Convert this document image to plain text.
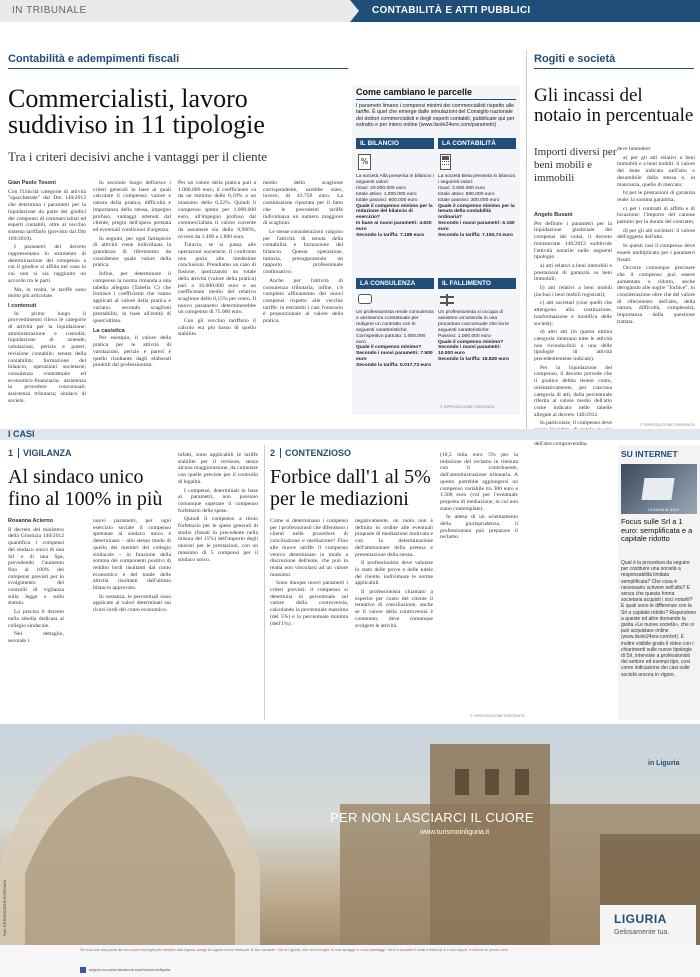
IN TRIBUNALE	CONTABILITÀ E ATTI PUBBLICI
Contabilità e adempimenti fiscali
Commercialisti, lavoro suddiviso in 11 tipologie
Tra i criteri decisivi anche i vantaggi per il cliente
Gian Paolo Tosoni

Con l'Unicità categorie di attività "spacchettate" dal Dm 140/2012 che determina i parametri per la liquidazione da parte dei giudici dei compensi di commercialisti ed esperti contabili, oltre al vecchio sistema tariffario (previsto dal Dm 169/2010).

I parametri del decreto rappresentano lo strumento di determinazione del compenso a cui il giudice si affida nel caso in cui non si sia raggiunto un accordo tra le parti

Ma, in realtà, le tariffe sono molto più articolate.

I contenuti

In primo luogo il provvedimento rileva le categorie di attività per la liquidazione: amministrazione e custodia; liquidazione di aziende; valutazioni, perizie e pareri; revisione contabile; tenuta della contabilità; formazione del bilancio, operazioni societarie; consulenza contrattuale ed economico-finanziaria; assistenza in procedure concorsuali; assistenza tributaria; sindaco di società.

In secondo luogo definisce i criteri generali in base ai quali calcolare il compenso: valore e natura della pratica, difficoltà e importanza della stessa, impegno profuso, vantaggi ottenuti dal cliente, pregio dell'opera prestata ed eventuali condizioni d'urgenza.

In seguito, per ogni fattispecie di attività viene individuata la grandezza di riferimento da considerare quale valore della pratica.

Infine, per determinare il compenso la norma rimanda a una tabella allegata (Tabella C) che fornisce i coefficienti che vanno applicati al valore della pratica e variano, secondo scaglioni prestabiliti, in base all'entità di quest'ultimo.

La casistica

Per esempio, il valore della pratica per le attività di valutazioni, perizie e pareri è quello risultante dagli elaborati prodotti dal professionista.

Per un valore della pratica pari a 1.000.000 euro, il coefficiente va da un minimo dello 0,18% a un massimo dello 0,22%. Quindi il compenso spetta per 1.000.000 euro, all'impegno profuso dal commercialista il valore corrente da assumere sia dello 0,900%, ovvero da 1.400 a 1.800 euro.

Tutavia, se si passa alle operazioni societarie, il confronto non porta alle medesime conclusioni. Prendiamo un caso di fusione, ipotizzando un totale della attività (valore della pratica) pari a 10.000.000 euro e un coefficiente medio del relativo scaglione dello 0,15% per cento. Il nuovo parametro determinerebbe un compenso di 75.000 euro.

Con gli vecchio tariffario il calcolo era più basso di quello stabilito.

medio dello scaglione corrispondente, sarebbe stato, invece, di 43.750 euro. La commissione riportata per il fatto che le precedenti tariffe individuava un numero maggiore di scaglioni.

Le stesse considerazioni valgono per l'attività di tenuta della contabilità e formazione del bilancio. Questa operazione, tuttavia, presupponendo un rapporto professionale continuativo.

Anche per l'attività di consulenza tributaria, infine, c'è completo affinamento dei nuovi compensi rispetto alle vecchie tariffe: in entrambi i casi l'onorario è proporzionale al valore della pratica.

Come cambiano le parcelle
I parametri limano i compensi minimi dei commercialisti rispetto alle tariffe. È quel che emerge dalle simulazioni del Consiglio nazionale dei dottori commercialisti e degli esperti contabili, pubblicate qui per estratto e per intero online (www.ilsole24ore.com/parametri)
IL BILANCIO
%
La società Alfa presenta in bilancio i seguenti valori:
ricavi: 20.000.000 euro
totale attivo: 1.000.000 euro
totale passivo: 600.000 euro
Quale il compenso minimo per la redazione del bilancio di esercizio?
In base ai nuovi parametri: 4.620 euro
Secondo la tariffa: 7.188 euro
LA CONTABILITÀ
La società Beta presenta in bilancio i seguenti valori:
ricavi: 2.000.000 euro
totale attivo: 500.000 euro
totale passivo: 300.000 euro
Quale il compenso minimo per la tenuta della contabilità ordinaria?
Secondo i nuovi parametri: 6.160 euro
Secondo la tariffa: 7.193,74 euro
LA CONSULENZA
Un professionista rende consulenza e assistenza contrattuale per redigere un contratto con le seguenti caratteristiche:
Corrispettivo pattuito: 1.000.000 euro
Quale il compenso minimo?
Secondo i nuovi parametri: 7.500 euro
Secondo la tariffa: 5.017,73 euro
IL FALLIMENTO
Un professionista si occupa di assistere un'azienda in una procedura concorsuale che ha le seguenti caratteristiche:
Passivo: 1.000.000 euro
Quale il compenso minimo?
Secondo i nuovi parametri: 10.000 euro
Secondo la tariffa: 18.828 euro
© RIPRODUZIONE RISERVATA
Rogiti e società
Gli incassi del notaio in percentuale
Importi diversi per beni mobili e immobili
Angelo Busani

Per definire i parametri per la liquidazione giudiziale dei compensi dei notai, il decreto ministeriale 140/2012 suddivide l'attività notarile nelle seguenti tipologie:

a) atti relativi a beni immobili e prestazioni di garanzia su beni immobili;

b) atti relativi a beni mobili (inclusi i beni mobili registrati);

c) atti societari (cioè quelli che attengono alla costituzione, trasformazione e modifica delle società);

d) altri atti (in questa ultima categoria rientrano tutte le attività non riconducibili a una delle tipologie di attività precedentemente indicate).

Per la liquidazione del compenso, il decreto prevede che il giudice debba tenere conto, orientativamente, per ciascuna categoria di atti, della percentuale riferita al valore medio dell'atto come indicato nelle tabelle allegate al decreto 140/2012.

In particolare, il compenso deve dell'atto compravendita.

deve intendere:

a) per gli atti relativi a beni immobili e a beni mobili: il valore del bene indicato nell'atto o desumibile dalla stessa e, in mancanza, quello di mercato;

b) per le prestazioni di garanzia reale: la somma garantita;

c) per i contratti di affitto e di locazione: l'importo del canone pattuito per la durata del contratto;

d) per gli atti societari: il valore dell'oggetto dell'atto.

In questi casi il compenso deve essere moltiplicato per i parametri fissati.

Occorre comunque precisare che il compenso può essere aumentato o ridotto, anche derogando alle soglie "forbice", in considerazione oltre che del valore di riferimento dell'atto, della natura, difficoltà, complessità, importanza della questione trattata.

© RIPRODUZIONE RISERVATA
I CASI
1	VIGILANZA
Al sindaco unico fino al 100% in più
Rosanna Acierno

Il decreto del ministero della Giustizia 140/2012 quantifica i compensi del sindaco unico di una Srl o di una Spa, prevedendo l'aumento fino al 100% dei compensi previsti per lo svolgimento dei controlli di vigilanza sulla legge e sullo statuto.

Lo precisa il decreto nella tabella dedicata al collegio sindacale.

Nel dettaglio, secondo i

nuovi parametri, per ogni esercizio sociale il compenso spettante al sindaco unico è determinato – allo stesso modo di quello dei membri del collegio sindacale – in funzione della somma dei componenti positivi di reddito lordi risultanti dal conto economico e del totale delle attività risultanti dall'ultimo bilancio approvato.

In sostanza, le percentuali sono applicate ai valori determinati sui ricavi lordi del conto economico.

infatti, sono applicabili le tariffe stabilite per il revisore, senza alcuna maggiorazione, da cumulare con quelle previste per il controllo di legalità.

I compensi, determinati in base ai parametri, non possono comunque superare il compenso forfettario delle spese.

Quindi il compenso a titolo forfettario per le spese generali di studio (fissati in precedente nella misura del 15%) dell'importo degli onorari per le prestazioni, con un massimo di 5 compensi per il sindaco unico.

2	CONTENZIOSO
Forbice dall'1 al 5% per le mediazioni

Come si determinano i compensi per i professionisti che difendono i clienti nelle procedure di conciliazione e mediazione? Fino alle nuove tariffe il compenso veniva determinato in modo a discrezione dell'ente, che può in realtà non vincolarsi ad un valore massimo.

Sono dunque nuovi parametri i criteri previsti: il compenso si determina in percentuale sul valore della controversia, calcolando la percentuale massima (del 5%) e la percentuale minima (dell'1%).

negativamente, un ruolo non è definito in ordine alle eventuali proposte di mediazione motivata e con la determinazione dell'ammontare della pretesa e presentazione della stessa.

Il professionista deve valutare lo stato delle prove e delle tutele del cliente, individuare le norme applicabili.

Il professionista chiamato a esperire per conto del cliente il tentativo di conciliazione, anche se il valore della controversia è contenuto, deve comunque svolgere le attività.

(10,5 mila euro 5% per la redazione del reclamo in ritenuta con il contribuente, dall'amministrazione tributaria. A questo potrebbe aggiungersi un compenso variabile tra 300 euro e 1.500 euro (vol per l'eventuale proposta di mediazione, in cui non siano contemplate).

In attesa di un orientamento della giurisprudenza, il professionista può preparare il reclamo.

© RIPRODUZIONE RISERVATA
SU INTERNET
LA GUIDA AL SOLE
Focus sulle Srl a 1 euro: semplificata e a capitale ridotto
Qual è la procedura da seguire per costituire una società a responsabilità limitata semplificata? Che cosa è necessario scrivere nell'atto? E senza che questa forma societaria acquisti i soci notarili? E quali sono le differenze con la Srl a capitale ridotto? Rispondono a queste ed altre domande la guida «Le nuove società», che si può acquistare online (www.ilsole24ore.com/srl). E inoltre visibile gratis il video con i chiarimenti sulle nuove tipologie di Srl, interviste a professionisti del settore ed esempi tipo, così come indicazione dei casi sulle società ancora in vigore.
PER NON LASCIARCI IL CUORE
www.turismoinliguria.it
in Liguria
LIGURIA
Gelosamente tua.
Se vuoi che una parte del tuo cuore ma leghi per sempre alla Liguria, scegli la Liguria come meta per le tue vacanze. Vivi la Liguria, vivi i suoi borghi, le sue spiagge e i suoi paesaggi. Vieni a scoprire il nostro territorio e i suoi sapori, e ritrova un pezzo di te.
seguici su www.facebook.com/turismoinliguria
Foto: RIPRODUZIONE RISERVATA
